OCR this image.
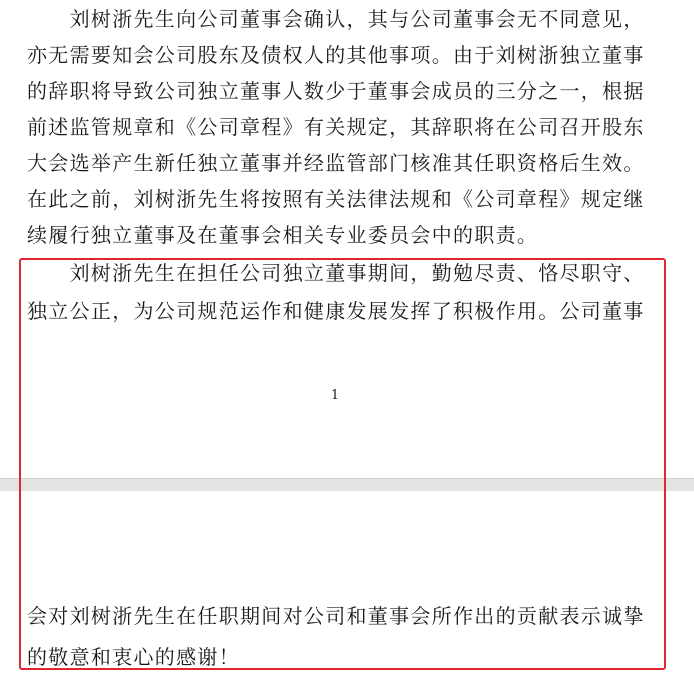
　　刘树浙先生向公司董事会确认，其与公司董事会无不同意见，
亦无需要知会公司股东及债权人的其他事项。由于刘树浙独立董事
的辞职将导致公司独立董事人数少于董事会成员的三分之一，根据
前述监管规章和《公司章程》有关规定，其辞职将在公司召开股东
大会选举产生新任独立董事并经监管部门核准其任职资格后生效。
在此之前，刘树浙先生将按照有关法律法规和《公司章程》规定继
续履行独立董事及在董事会相关专业委员会中的职责。
　　刘树浙先生在担任公司独立董事期间，勤勉尽责、恪尽职守、
独立公正，为公司规范运作和健康发展发挥了积极作用。公司董事
1
会对刘树浙先生在任职期间对公司和董事会所作出的贡献表示诚挚
的敬意和衷心的感谢！
